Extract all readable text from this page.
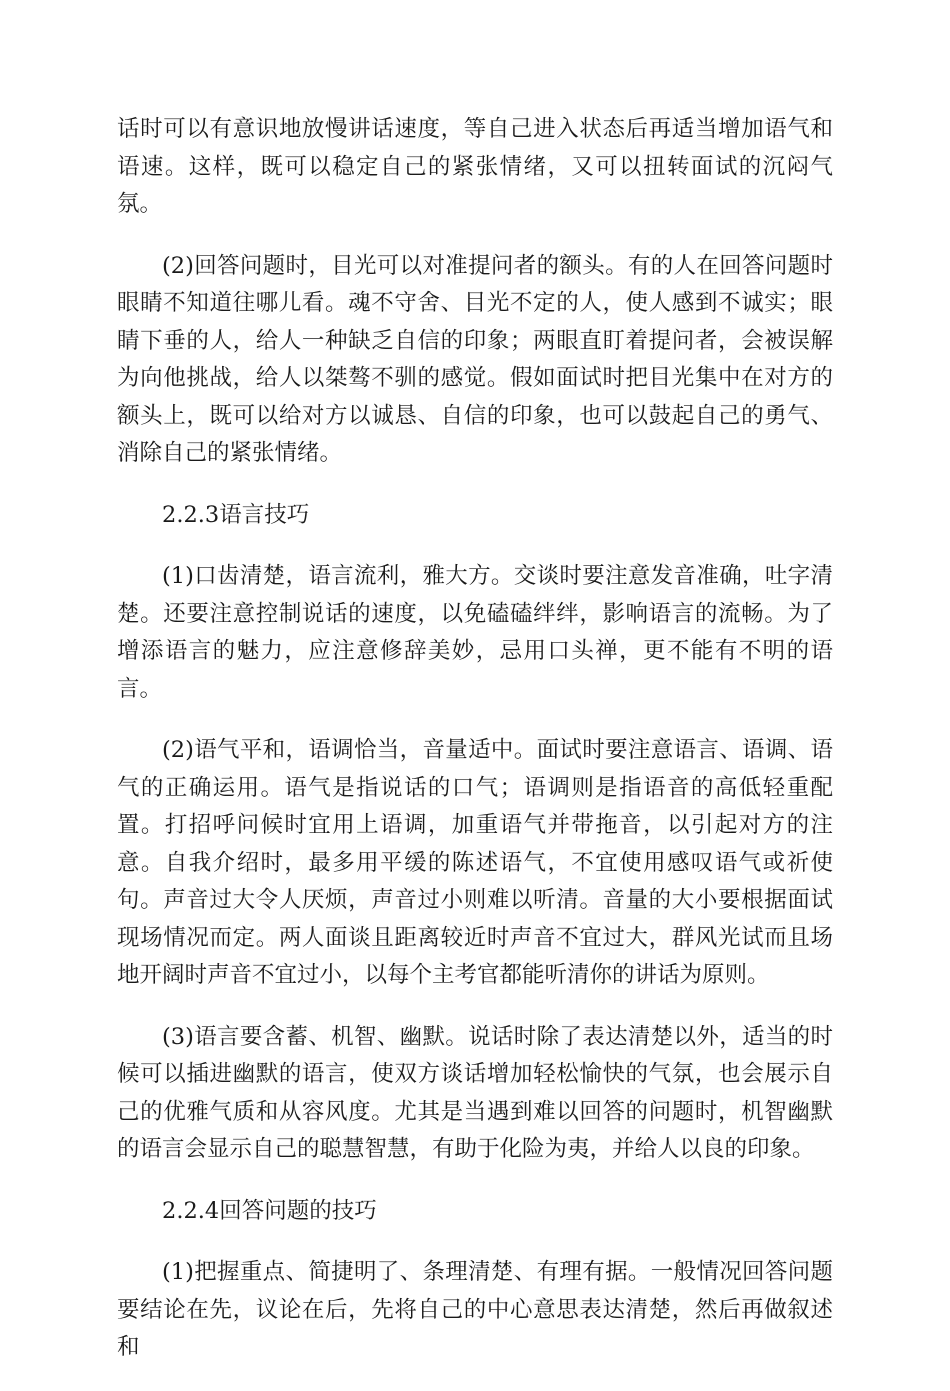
话时可以有意识地放慢讲话速度，等自己进入状态后再适当增加语气和语速。这样，既可以稳定自己的紧张情绪，又可以扭转面试的沉闷气氛。

(2)回答问题时，目光可以对准提问者的额头。有的人在回答问题时眼睛不知道往哪儿看。魂不守舍、目光不定的人，使人感到不诚实；眼睛下垂的人，给人一种缺乏自信的印象；两眼直盯着提问者，会被误解为向他挑战，给人以桀骜不驯的感觉。假如面试时把目光集中在对方的额头上，既可以给对方以诚恳、自信的印象，也可以鼓起自己的勇气、消除自己的紧张情绪。

2.2.3语言技巧

(1)口齿清楚，语言流利，雅大方。交谈时要注意发音准确，吐字清楚。还要注意控制说话的速度，以免磕磕绊绊，影响语言的流畅。为了增添语言的魅力，应注意修辞美妙，忌用口头禅，更不能有不明的语言。

(2)语气平和，语调恰当，音量适中。面试时要注意语言、语调、语气的正确运用。语气是指说话的口气；语调则是指语音的高低轻重配置。打招呼问候时宜用上语调，加重语气并带拖音，以引起对方的注意。自我介绍时，最多用平缓的陈述语气，不宜使用感叹语气或祈使句。声音过大令人厌烦，声音过小则难以听清。音量的大小要根据面试现场情况而定。两人面谈且距离较近时声音不宜过大，群风光试而且场地开阔时声音不宜过小，以每个主考官都能听清你的讲话为原则。

(3)语言要含蓄、机智、幽默。说话时除了表达清楚以外，适当的时候可以插进幽默的语言，使双方谈话增加轻松愉快的气氛，也会展示自己的优雅气质和从容风度。尤其是当遇到难以回答的问题时，机智幽默的语言会显示自己的聪慧智慧，有助于化险为夷，并给人以良的印象。

2.2.4回答问题的技巧

(1)把握重点、简捷明了、条理清楚、有理有据。一般情况回答问题要结论在先，议论在后，先将自己的中心意思表达清楚，然后再做叙述和
